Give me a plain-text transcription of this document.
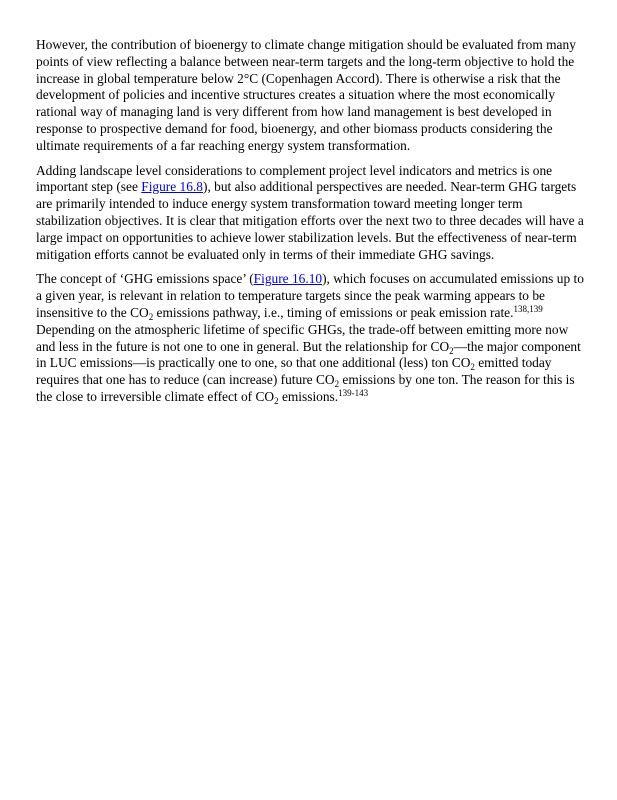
However, the contribution of bioenergy to climate change mitigation should be evaluated from many points of view reflecting a balance between near-term targets and the long-term objective to hold the increase in global temperature below 2°C (Copenhagen Accord). There is otherwise a risk that the development of policies and incentive structures creates a situation where the most economically rational way of managing land is very different from how land management is best developed in response to prospective demand for food, bioenergy, and other biomass products considering the ultimate requirements of a far reaching energy system transformation.

Adding landscape level considerations to complement project level indicators and metrics is one important step (see Figure 16.8), but also additional perspectives are needed. Near-term GHG targets are primarily intended to induce energy system transformation toward meeting longer term stabilization objectives. It is clear that mitigation efforts over the next two to three decades will have a large impact on opportunities to achieve lower stabilization levels. But the effectiveness of near-term mitigation efforts cannot be evaluated only in terms of their immediate GHG savings.

The concept of ‘GHG emissions space’ (Figure 16.10), which focuses on accumulated emissions up to a given year, is relevant in relation to temperature targets since the peak warming appears to be insensitive to the $CO_2$ emissions pathway, i.e., timing of emissions or peak emission rate.$^{138,139}$ Depending on the atmospheric lifetime of specific GHGs, the trade-off between emitting more now and less in the future is not one to one in general. But the relationship for $CO_2—the$ major component in LUC emissions—is practically one to one, so that one additional (less) ton $CO_2$ emitted today requires that one has to reduce (can increase) future $CO_2$ emissions by one ton. The reason for this is the close to irreversible climate effect of $CO_2$ emissions.$^{139-143}$
